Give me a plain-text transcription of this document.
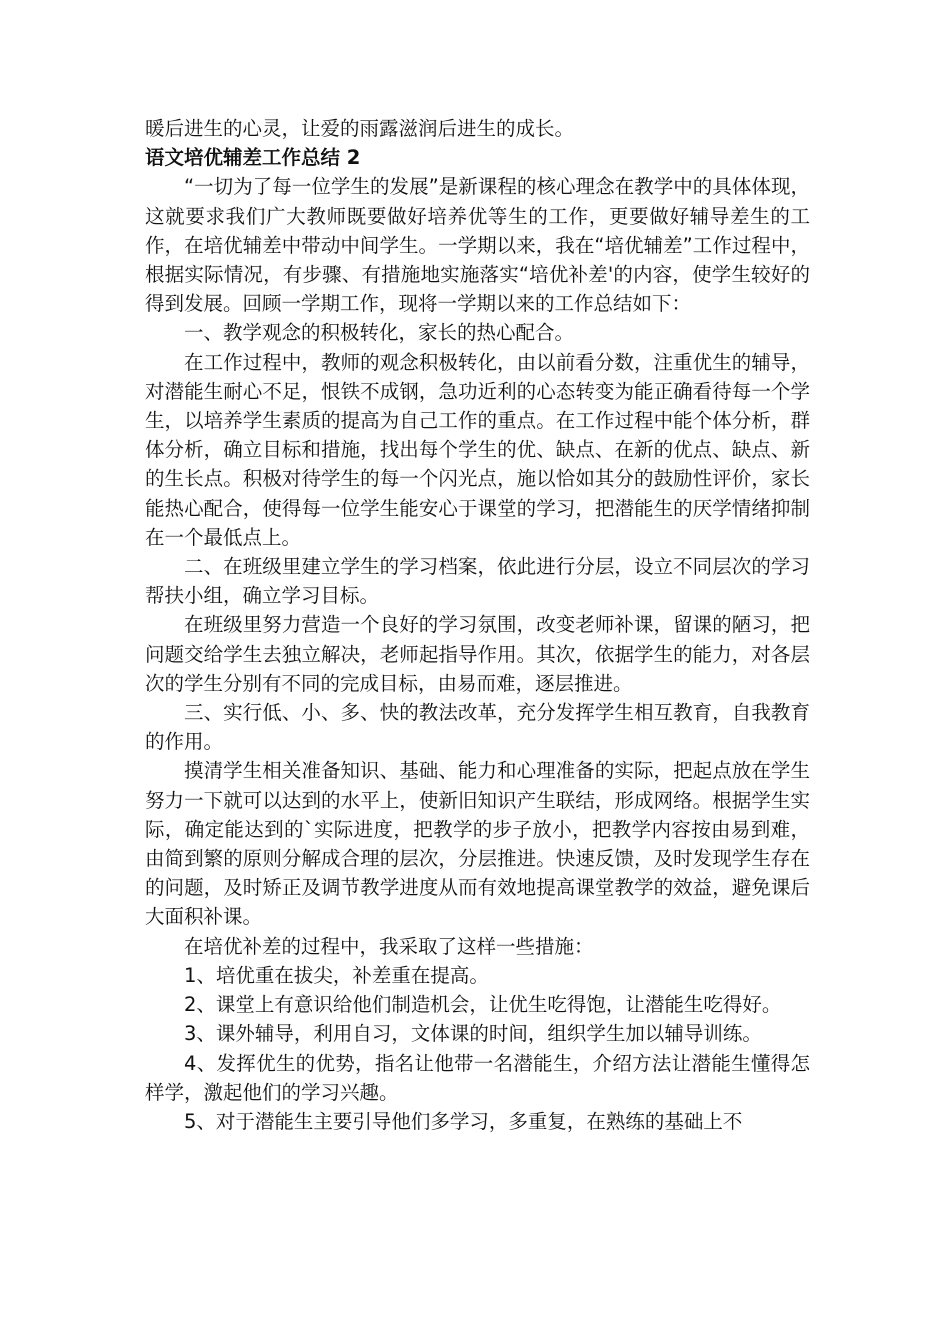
暖后进生的心灵，让爱的雨露滋润后进生的成长。

语文培优辅差工作总结 2

“一切为了每一位学生的发展”是新课程的核心理念在教学中的具体体现，这就要求我们广大教师既要做好培养优等生的工作，更要做好辅导差生的工作，在培优辅差中带动中间学生。一学期以来，我在“培优辅差”工作过程中，根据实际情况，有步骤、有措施地实施落实“培优补差'的内容，使学生较好的得到发展。回顾一学期工作，现将一学期以来的工作总结如下：

一、教学观念的积极转化，家长的热心配合。

在工作过程中，教师的观念积极转化，由以前看分数，注重优生的辅导，对潜能生耐心不足，恨铁不成钢，急功近利的心态转变为能正确看待每一个学生，以培养学生素质的提高为自己工作的重点。在工作过程中能个体分析，群体分析，确立目标和措施，找出每个学生的优、缺点、在新的优点、缺点、新的生长点。积极对待学生的每一个闪光点，施以恰如其分的鼓励性评价，家长能热心配合，使得每一位学生能安心于课堂的学习，把潜能生的厌学情绪抑制在一个最低点上。

二、在班级里建立学生的学习档案，依此进行分层，设立不同层次的学习帮扶小组，确立学习目标。

在班级里努力营造一个良好的学习氛围，改变老师补课，留课的陋习，把问题交给学生去独立解决，老师起指导作用。其次，依据学生的能力，对各层次的学生分别有不同的完成目标，由易而难，逐层推进。

三、实行低、小、多、快的教法改革，充分发挥学生相互教育，自我教育的作用。

摸清学生相关准备知识、基础、能力和心理准备的实际，把起点放在学生努力一下就可以达到的水平上，使新旧知识产生联结，形成网络。根据学生实际，确定能达到的`实际进度，把教学的步子放小，把教学内容按由易到难，由简到繁的原则分解成合理的层次，分层推进。快速反馈，及时发现学生存在的问题，及时矫正及调节教学进度从而有效地提高课堂教学的效益，避免课后大面积补课。

在培优补差的过程中，我采取了这样一些措施：

1、培优重在拔尖，补差重在提高。

2、课堂上有意识给他们制造机会，让优生吃得饱，让潜能生吃得好。

3、课外辅导，利用自习，文体课的时间，组织学生加以辅导训练。

4、发挥优生的优势，指名让他带一名潜能生，介绍方法让潜能生懂得怎样学，激起他们的学习兴趣。

5、对于潜能生主要引导他们多学习，多重复，在熟练的基础上不
